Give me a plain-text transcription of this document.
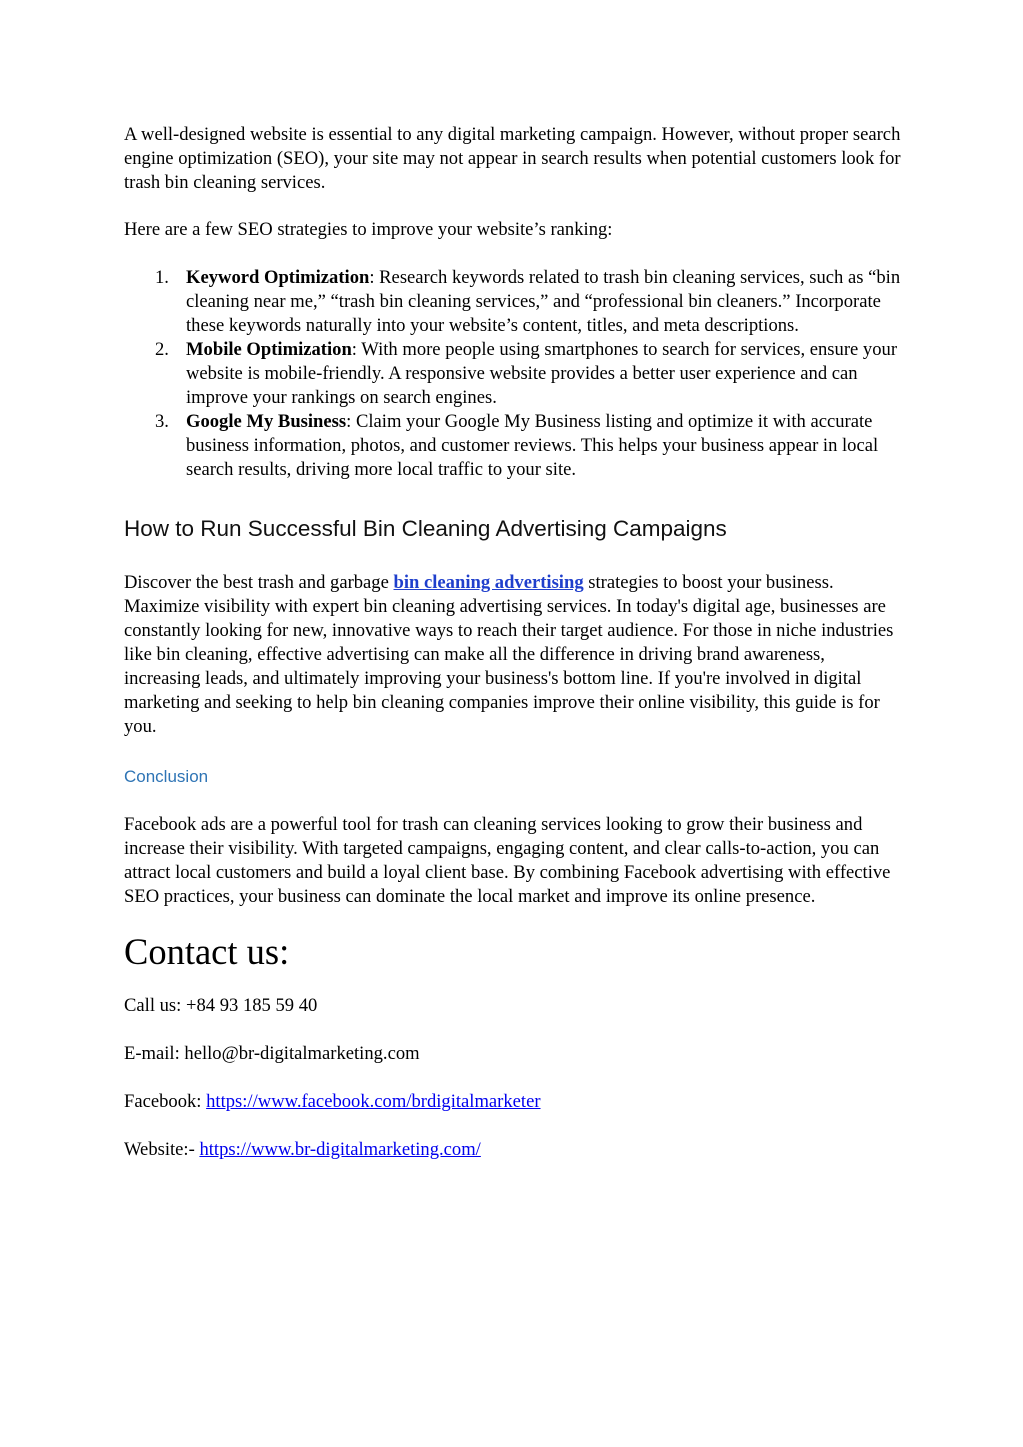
A well-designed website is essential to any digital marketing campaign. However, without proper search engine optimization (SEO), your site may not appear in search results when potential customers look for trash bin cleaning services.

Here are a few SEO strategies to improve your website’s ranking:

1. Keyword Optimization: Research keywords related to trash bin cleaning services, such as “bin cleaning near me,” “trash bin cleaning services,” and “professional bin cleaners.” Incorporate these keywords naturally into your website’s content, titles, and meta descriptions.
2. Mobile Optimization: With more people using smartphones to search for services, ensure your website is mobile-friendly. A responsive website provides a better user experience and can improve your rankings on search engines.
3. Google My Business: Claim your Google My Business listing and optimize it with accurate business information, photos, and customer reviews. This helps your business appear in local search results, driving more local traffic to your site.
How to Run Successful Bin Cleaning Advertising Campaigns

Discover the best trash and garbage bin cleaning advertising strategies to boost your business. Maximize visibility with expert bin cleaning advertising services. In today's digital age, businesses are constantly looking for new, innovative ways to reach their target audience. For those in niche industries like bin cleaning, effective advertising can make all the difference in driving brand awareness, increasing leads, and ultimately improving your business's bottom line. If you're involved in digital marketing and seeking to help bin cleaning companies improve their online visibility, this guide is for you.

Conclusion

Facebook ads are a powerful tool for trash can cleaning services looking to grow their business and increase their visibility. With targeted campaigns, engaging content, and clear calls-to-action, you can attract local customers and build a loyal client base. By combining Facebook advertising with effective SEO practices, your business can dominate the local market and improve its online presence.

Contact us:

Call us: +84 93 185 59 40

E-mail: hello@br-digitalmarketing.com

Facebook: https://www.facebook.com/brdigitalmarketer

Website:- https://www.br-digitalmarketing.com/
